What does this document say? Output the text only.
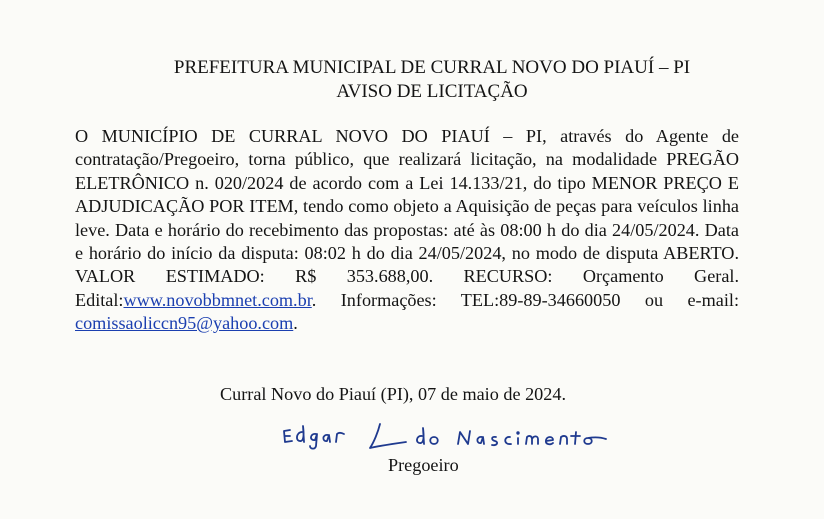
PREFEITURA MUNICIPAL DE CURRAL NOVO DO PIAUÍ – PI
AVISO DE LICITAÇÃO

O MUNICÍPIO DE CURRAL NOVO DO PIAUÍ – PI, através do Agente de contratação/Pregoeiro, torna público, que realizará licitação, na modalidade PREGÃO ELETRÔNICO n. 020/2024 de acordo com a Lei 14.133/21, do tipo MENOR PREÇO E ADJUDICAÇÃO POR ITEM, tendo como objeto a Aquisição de peças para veículos linha leve. Data e horário do recebimento das propostas: até às 08:00 h do dia 24/05/2024. Data e horário do início da disputa: 08:02 h do dia 24/05/2024, no modo de disputa ABERTO. VALOR ESTIMADO: R$ 353.688,00. RECURSO: Orçamento Geral. Edital:www.novobbmnet.com.br. Informações: TEL:89-89-34660050 ou e-mail: comissaoliccn95@yahoo.com.

Curral Novo do Piauí (PI), 07 de maio de 2024.
Pregoeiro
